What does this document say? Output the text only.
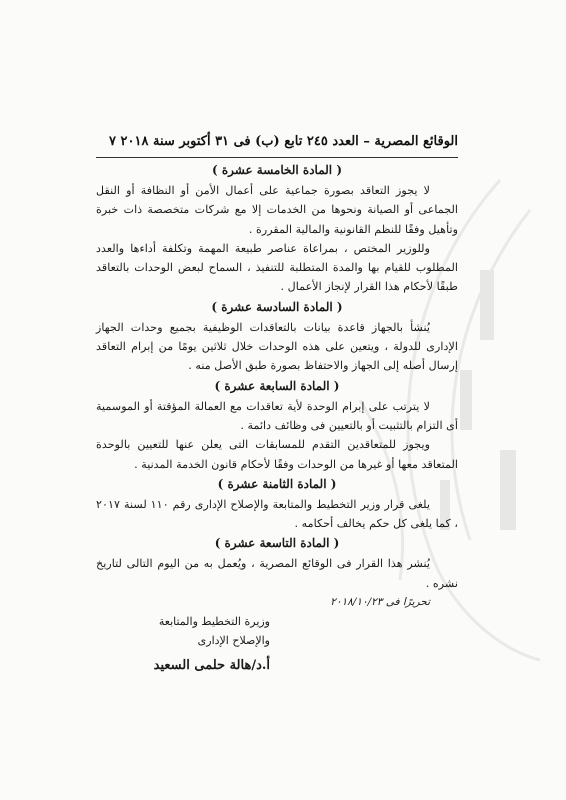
الوقائع المصرية – العدد ٢٤٥ تابع (ب) فى ٣١ أكتوبر سنة ٢٠١٨ ٧

( المادة الخامسة عشرة )

لا يجوز التعاقد بصورة جماعية على أعمال الأمن أو النظافة أو النقل الجماعى أو الصيانة ونحوها من الخدمات إلا مع شركات متخصصة ذات خبرة وتأهيل وفقًا للنظم القانونية والمالية المقررة .

وللوزير المختص ، بمراعاة عناصر طبيعة المهمة وتكلفة أداءها والعدد المطلوب للقيام بها والمدة المتطلبة للتنفيذ ، السماح لبعض الوحدات بالتعاقد طبقًا لأحكام هذا القرار لإنجاز الأعمال .

( المادة السادسة عشرة )

يُنشأ بالجهاز قاعدة بيانات بالتعاقدات الوظيفية بجميع وحدات الجهاز الإدارى للدولة ، ويتعين على هذه الوحدات خلال ثلاثين يومًا من إبرام التعاقد إرسال أصله إلى الجهاز والاحتفاظ بصورة طبق الأصل منه .

( المادة السابعة عشرة )

لا يترتب على إبرام الوحدة لأية تعاقدات مع العمالة المؤقتة أو الموسمية أى التزام بالتثبيت أو بالتعيين فى وظائف دائمة .

ويجوز للمتعاقدين التقدم للمسابقات التى يعلن عنها للتعيين بالوحدة المتعاقد معها أو غيرها من الوحدات وفقًا لأحكام قانون الخدمة المدنية .

( المادة الثامنة عشرة )

يلغى قرار وزير التخطيط والمتابعة والإصلاح الإدارى رقم ١١٠ لسنة ٢٠١٧ ، كما يلغى كل حكم يخالف أحكامه .

( المادة التاسعة عشرة )

يُنشر هذا القرار فى الوقائع المصرية ، ويُعمل به من اليوم التالى لتاريخ نشره .

تحريرًا فى ٢٠١٨/١٠/٢٣

وزيرة التخطيط والمتابعة
والإصلاح الإدارى
أ.د/هالة حلمى السعيد
